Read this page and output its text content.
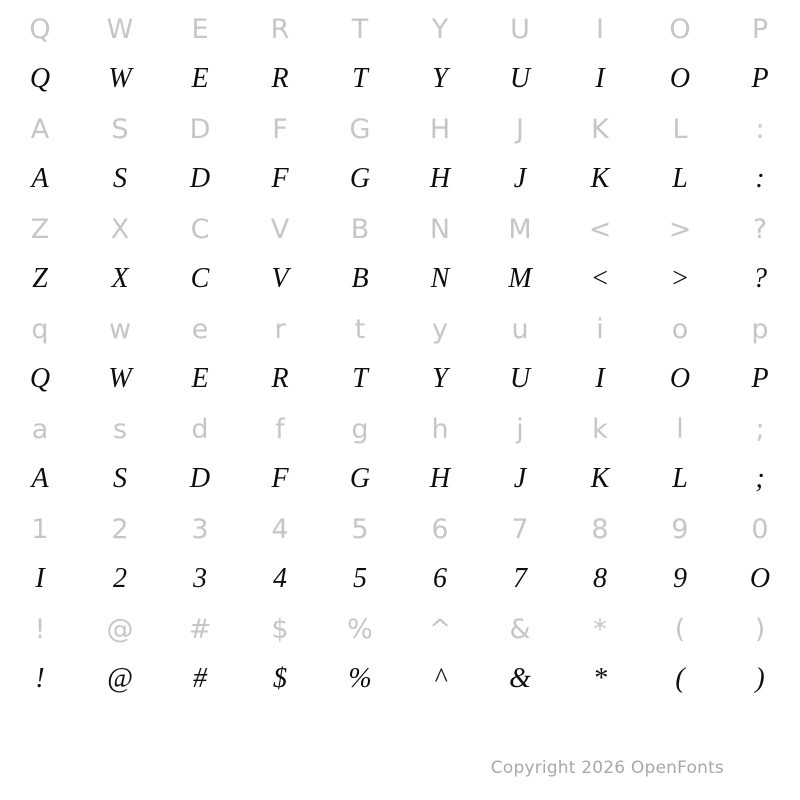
Q	W	E	R	T	Y	U	I	O	P
Q	W	E	R	T	Y	U	I	O	P
A	S	D	F	G	H	J	K	L	:
A	S	D	F	G	H	J	K	L	:
Z	X	C	V	B	N	M	<	>	?
Z	X	C	V	B	N	M	<	>	?
q	w	e	r	t	y	u	i	o	p
Q	W	E	R	T	Y	U	I	O	P
a	s	d	f	g	h	j	k	l	;
A	S	D	F	G	H	J	K	L	;
1	2	3	4	5	6	7	8	9	0
I	2	3	4	5	6	7	8	9	O
!	@	#	$	%	^	&	*	(	)
!	@	#	$	%	^	&	*	(	)
Copyright 2026 OpenFonts
